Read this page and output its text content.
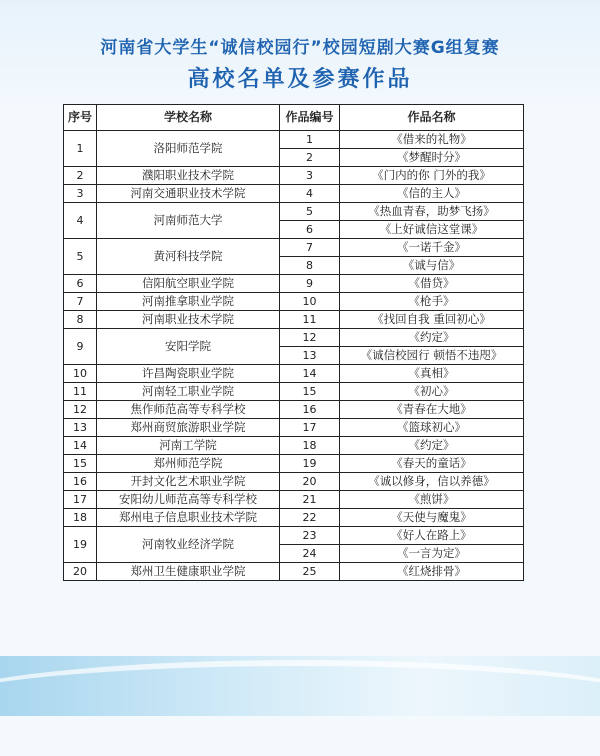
河南省大学生“诚信校园行”校园短剧大赛G组复赛
高校名单及参赛作品
序号	学校名称	作品编号	作品名称
1	洛阳师范学院	1	《借来的礼物》
		2	《梦醒时分》
2	濮阳职业技术学院	3	《门内的你 门外的我》
3	河南交通职业技术学院	4	《信的主人》
4	河南师范大学	5	《热血青春，助梦飞扬》
		6	《上好诚信这堂课》
5	黄河科技学院	7	《一诺千金》
		8	《诚与信》
6	信阳航空职业学院	9	《借贷》
7	河南推拿职业学院	10	《枪手》
8	河南职业技术学院	11	《找回自我 重回初心》
9	安阳学院	12	《约定》
		13	《诚信校园行 顿悟不违咫》
10	许昌陶瓷职业学院	14	《真相》
11	河南轻工职业学院	15	《初心》
12	焦作师范高等专科学校	16	《青春在大地》
13	郑州商贸旅游职业学院	17	《篮球初心》
14	河南工学院	18	《约定》
15	郑州师范学院	19	《春天的童话》
16	开封文化艺术职业学院	20	《诚以修身，信以养德》
17	安阳幼儿师范高等专科学校	21	《煎饼》
18	郑州电子信息职业技术学院	22	《天使与魔鬼》
19	河南牧业经济学院	23	《好人在路上》
		24	《一言为定》
20	郑州卫生健康职业学院	25	《红烧排骨》
